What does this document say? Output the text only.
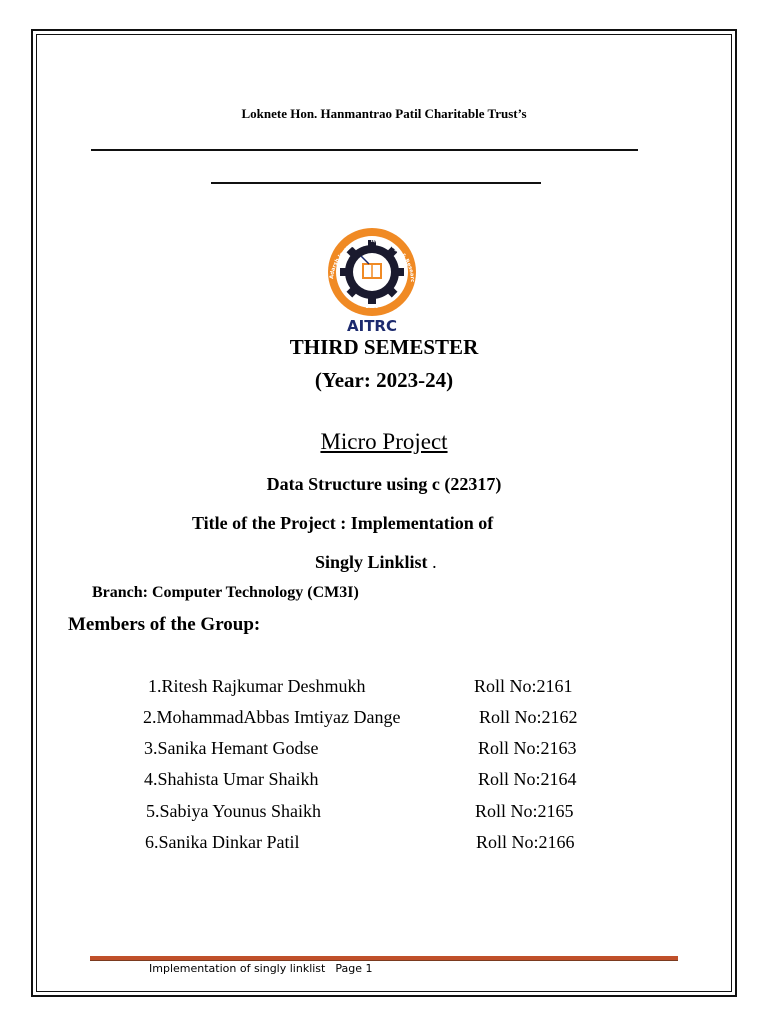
Loknete Hon. Hanmantrao Patil Charitable Trust’s
Adarsh Institute of Technology & Researc
2008
AITRC
THIRD SEMESTER
(Year: 2023-24)
Micro Project
Data Structure using c (22317)
Title of the Project : Implementation of
Singly Linklist .
Branch: Computer Technology (CM3I)
Members of the Group:
1.Ritesh Rajkumar Deshmukh	Roll No:2161
2.MohammadAbbas Imtiyaz Dange	Roll No:2162
3.Sanika Hemant Godse	Roll No:2163
4.Shahista Umar Shaikh	Roll No:2164
5.Sabiya Younus Shaikh	Roll No:2165
6.Sanika Dinkar Patil	Roll No:2166
Implementation of singly linklist Page 1
